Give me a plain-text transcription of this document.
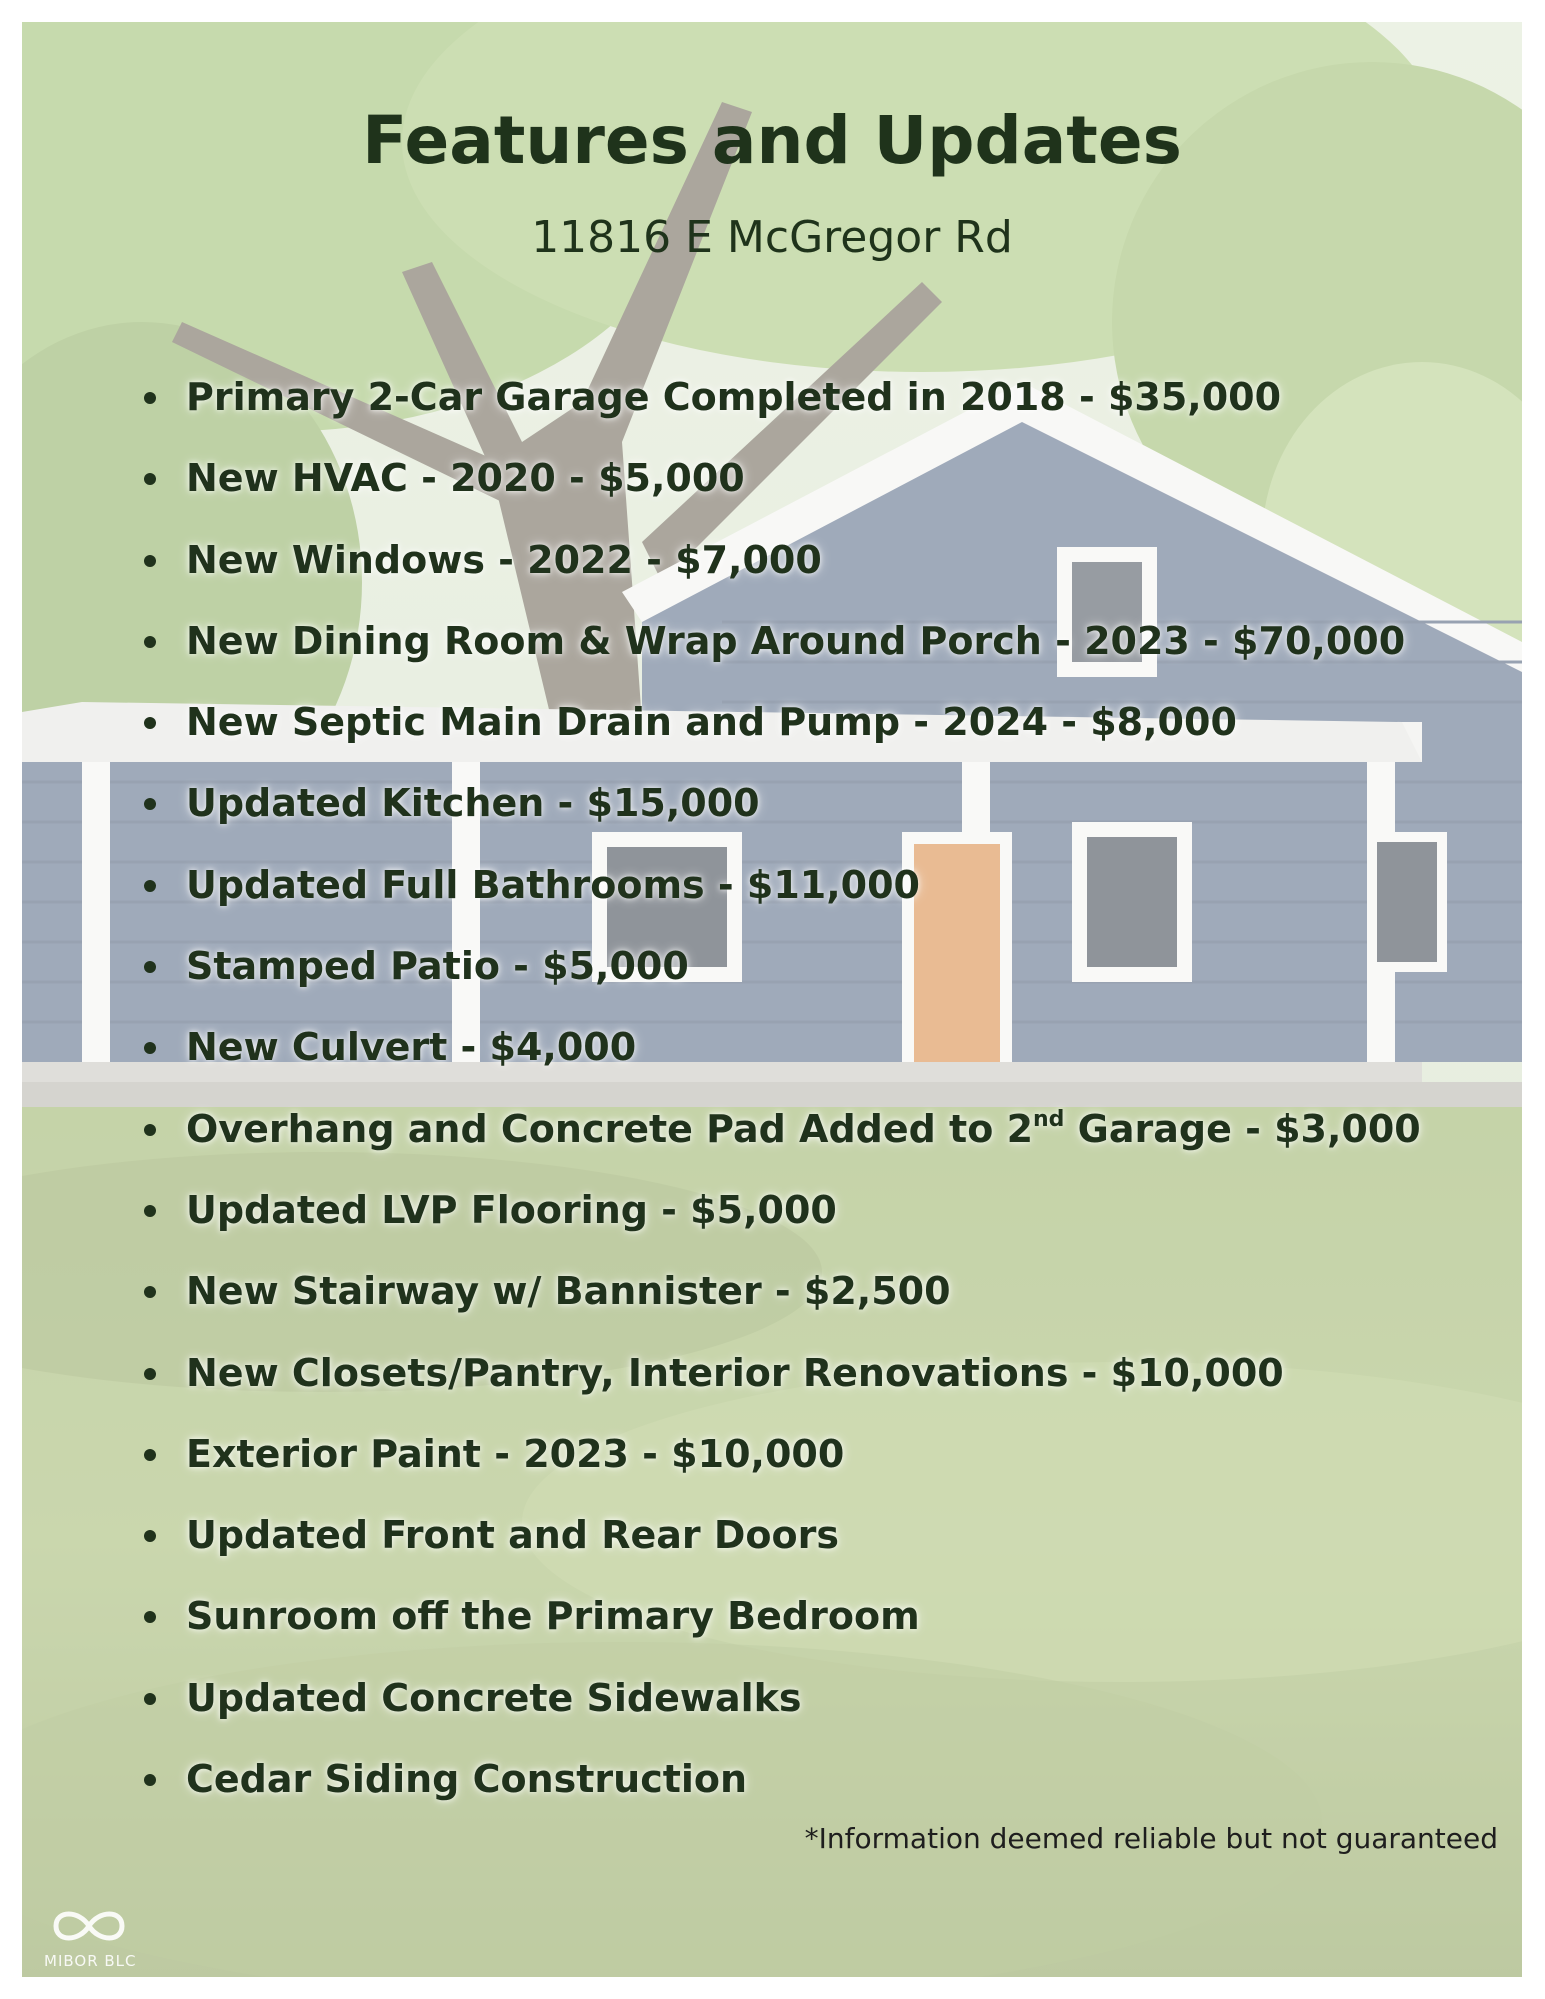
Features and Updates
11816 E McGregor Rd
Primary 2-Car Garage Completed in 2018 - $35,000
New HVAC - 2020 - $5,000
New Windows - 2022 - $7,000
New Dining Room & Wrap Around Porch - 2023 - $70,000
New Septic Main Drain and Pump - 2024 - $8,000
Updated Kitchen - $15,000
Updated Full Bathrooms - $11,000
Stamped Patio - $5,000
New Culvert - $4,000
Overhang and Concrete Pad Added to 2nd Garage - $3,000
Updated LVP Flooring - $5,000
New Stairway w/ Bannister - $2,500
New Closets/Pantry, Interior Renovations - $10,000
Exterior Paint - 2023 - $10,000
Updated Front and Rear Doors
Sunroom off the Primary Bedroom
Updated Concrete Sidewalks
Cedar Siding Construction
*Information deemed reliable but not guaranteed
MIBOR BLC
